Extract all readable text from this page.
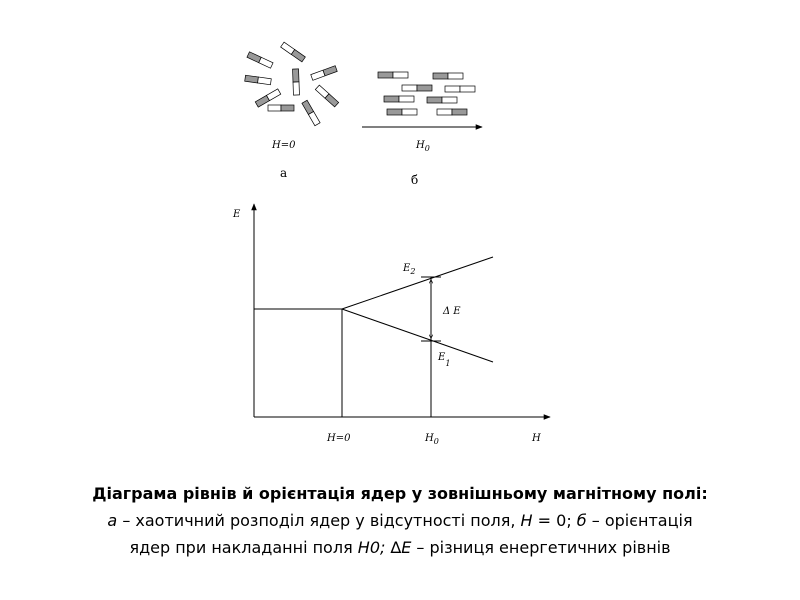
H=0	$H_0$
а	б
E
H
H=0	$H_0$
$E_2$
$E_1$
Δ E
Діаграма рівнів й орієнтація ядер у зовнішньому магнітному полі:
а – хаотичний розподіл ядер у відсутності поля, Н = 0; б – орієнтація
ядер при накладанні поля Н0; ∆Е – різниця енергетичних рівнів
